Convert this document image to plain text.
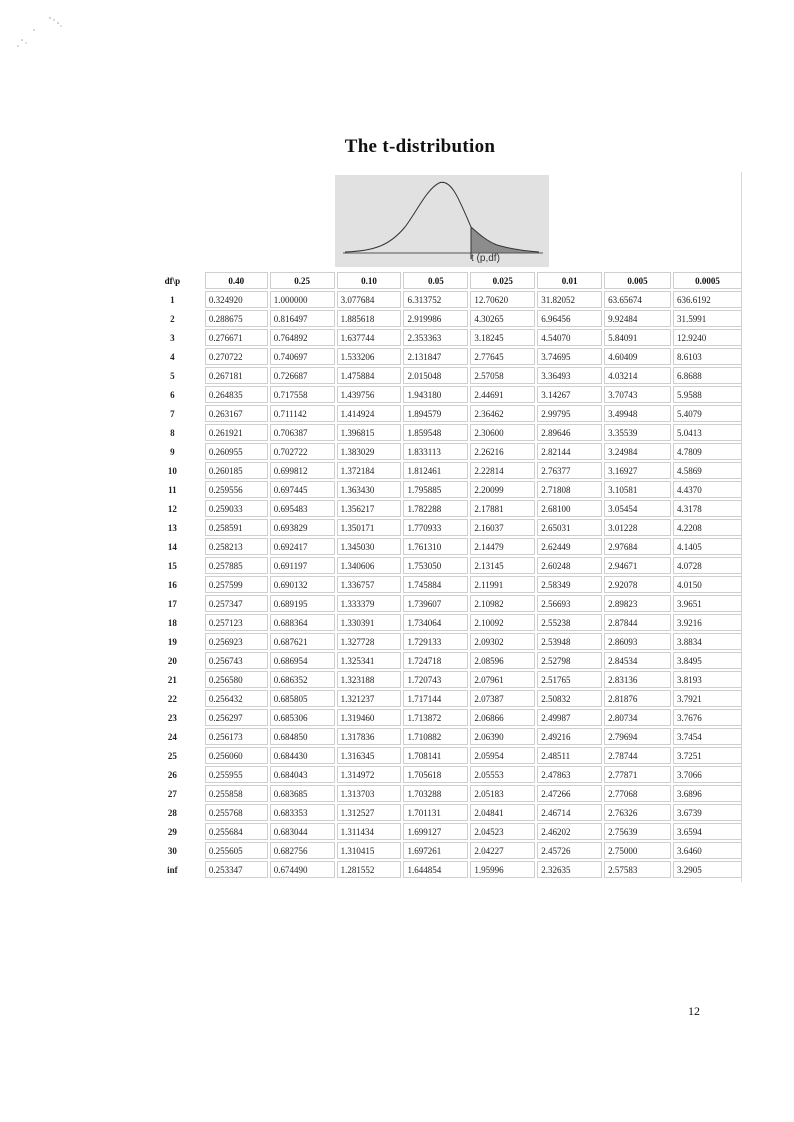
The t-distribution
t (p,df)
df\p	0.40	0.25	0.10	0.05	0.025	0.01	0.005	0.0005
1	0.324920	1.000000	3.077684	6.313752	12.70620	31.82052	63.65674	636.6192
2	0.288675	0.816497	1.885618	2.919986	4.30265	6.96456	9.92484	31.5991
3	0.276671	0.764892	1.637744	2.353363	3.18245	4.54070	5.84091	12.9240
4	0.270722	0.740697	1.533206	2.131847	2.77645	3.74695	4.60409	8.6103
5	0.267181	0.726687	1.475884	2.015048	2.57058	3.36493	4.03214	6.8688
6	0.264835	0.717558	1.439756	1.943180	2.44691	3.14267	3.70743	5.9588
7	0.263167	0.711142	1.414924	1.894579	2.36462	2.99795	3.49948	5.4079
8	0.261921	0.706387	1.396815	1.859548	2.30600	2.89646	3.35539	5.0413
9	0.260955	0.702722	1.383029	1.833113	2.26216	2.82144	3.24984	4.7809
10	0.260185	0.699812	1.372184	1.812461	2.22814	2.76377	3.16927	4.5869
11	0.259556	0.697445	1.363430	1.795885	2.20099	2.71808	3.10581	4.4370
12	0.259033	0.695483	1.356217	1.782288	2.17881	2.68100	3.05454	4.3178
13	0.258591	0.693829	1.350171	1.770933	2.16037	2.65031	3.01228	4.2208
14	0.258213	0.692417	1.345030	1.761310	2.14479	2.62449	2.97684	4.1405
15	0.257885	0.691197	1.340606	1.753050	2.13145	2.60248	2.94671	4.0728
16	0.257599	0.690132	1.336757	1.745884	2.11991	2.58349	2.92078	4.0150
17	0.257347	0.689195	1.333379	1.739607	2.10982	2.56693	2.89823	3.9651
18	0.257123	0.688364	1.330391	1.734064	2.10092	2.55238	2.87844	3.9216
19	0.256923	0.687621	1.327728	1.729133	2.09302	2.53948	2.86093	3.8834
20	0.256743	0.686954	1.325341	1.724718	2.08596	2.52798	2.84534	3.8495
21	0.256580	0.686352	1.323188	1.720743	2.07961	2.51765	2.83136	3.8193
22	0.256432	0.685805	1.321237	1.717144	2.07387	2.50832	2.81876	3.7921
23	0.256297	0.685306	1.319460	1.713872	2.06866	2.49987	2.80734	3.7676
24	0.256173	0.684850	1.317836	1.710882	2.06390	2.49216	2.79694	3.7454
25	0.256060	0.684430	1.316345	1.708141	2.05954	2.48511	2.78744	3.7251
26	0.255955	0.684043	1.314972	1.705618	2.05553	2.47863	2.77871	3.7066
27	0.255858	0.683685	1.313703	1.703288	2.05183	2.47266	2.77068	3.6896
28	0.255768	0.683353	1.312527	1.701131	2.04841	2.46714	2.76326	3.6739
29	0.255684	0.683044	1.311434	1.699127	2.04523	2.46202	2.75639	3.6594
30	0.255605	0.682756	1.310415	1.697261	2.04227	2.45726	2.75000	3.6460
inf	0.253347	0.674490	1.281552	1.644854	1.95996	2.32635	2.57583	3.2905
12
